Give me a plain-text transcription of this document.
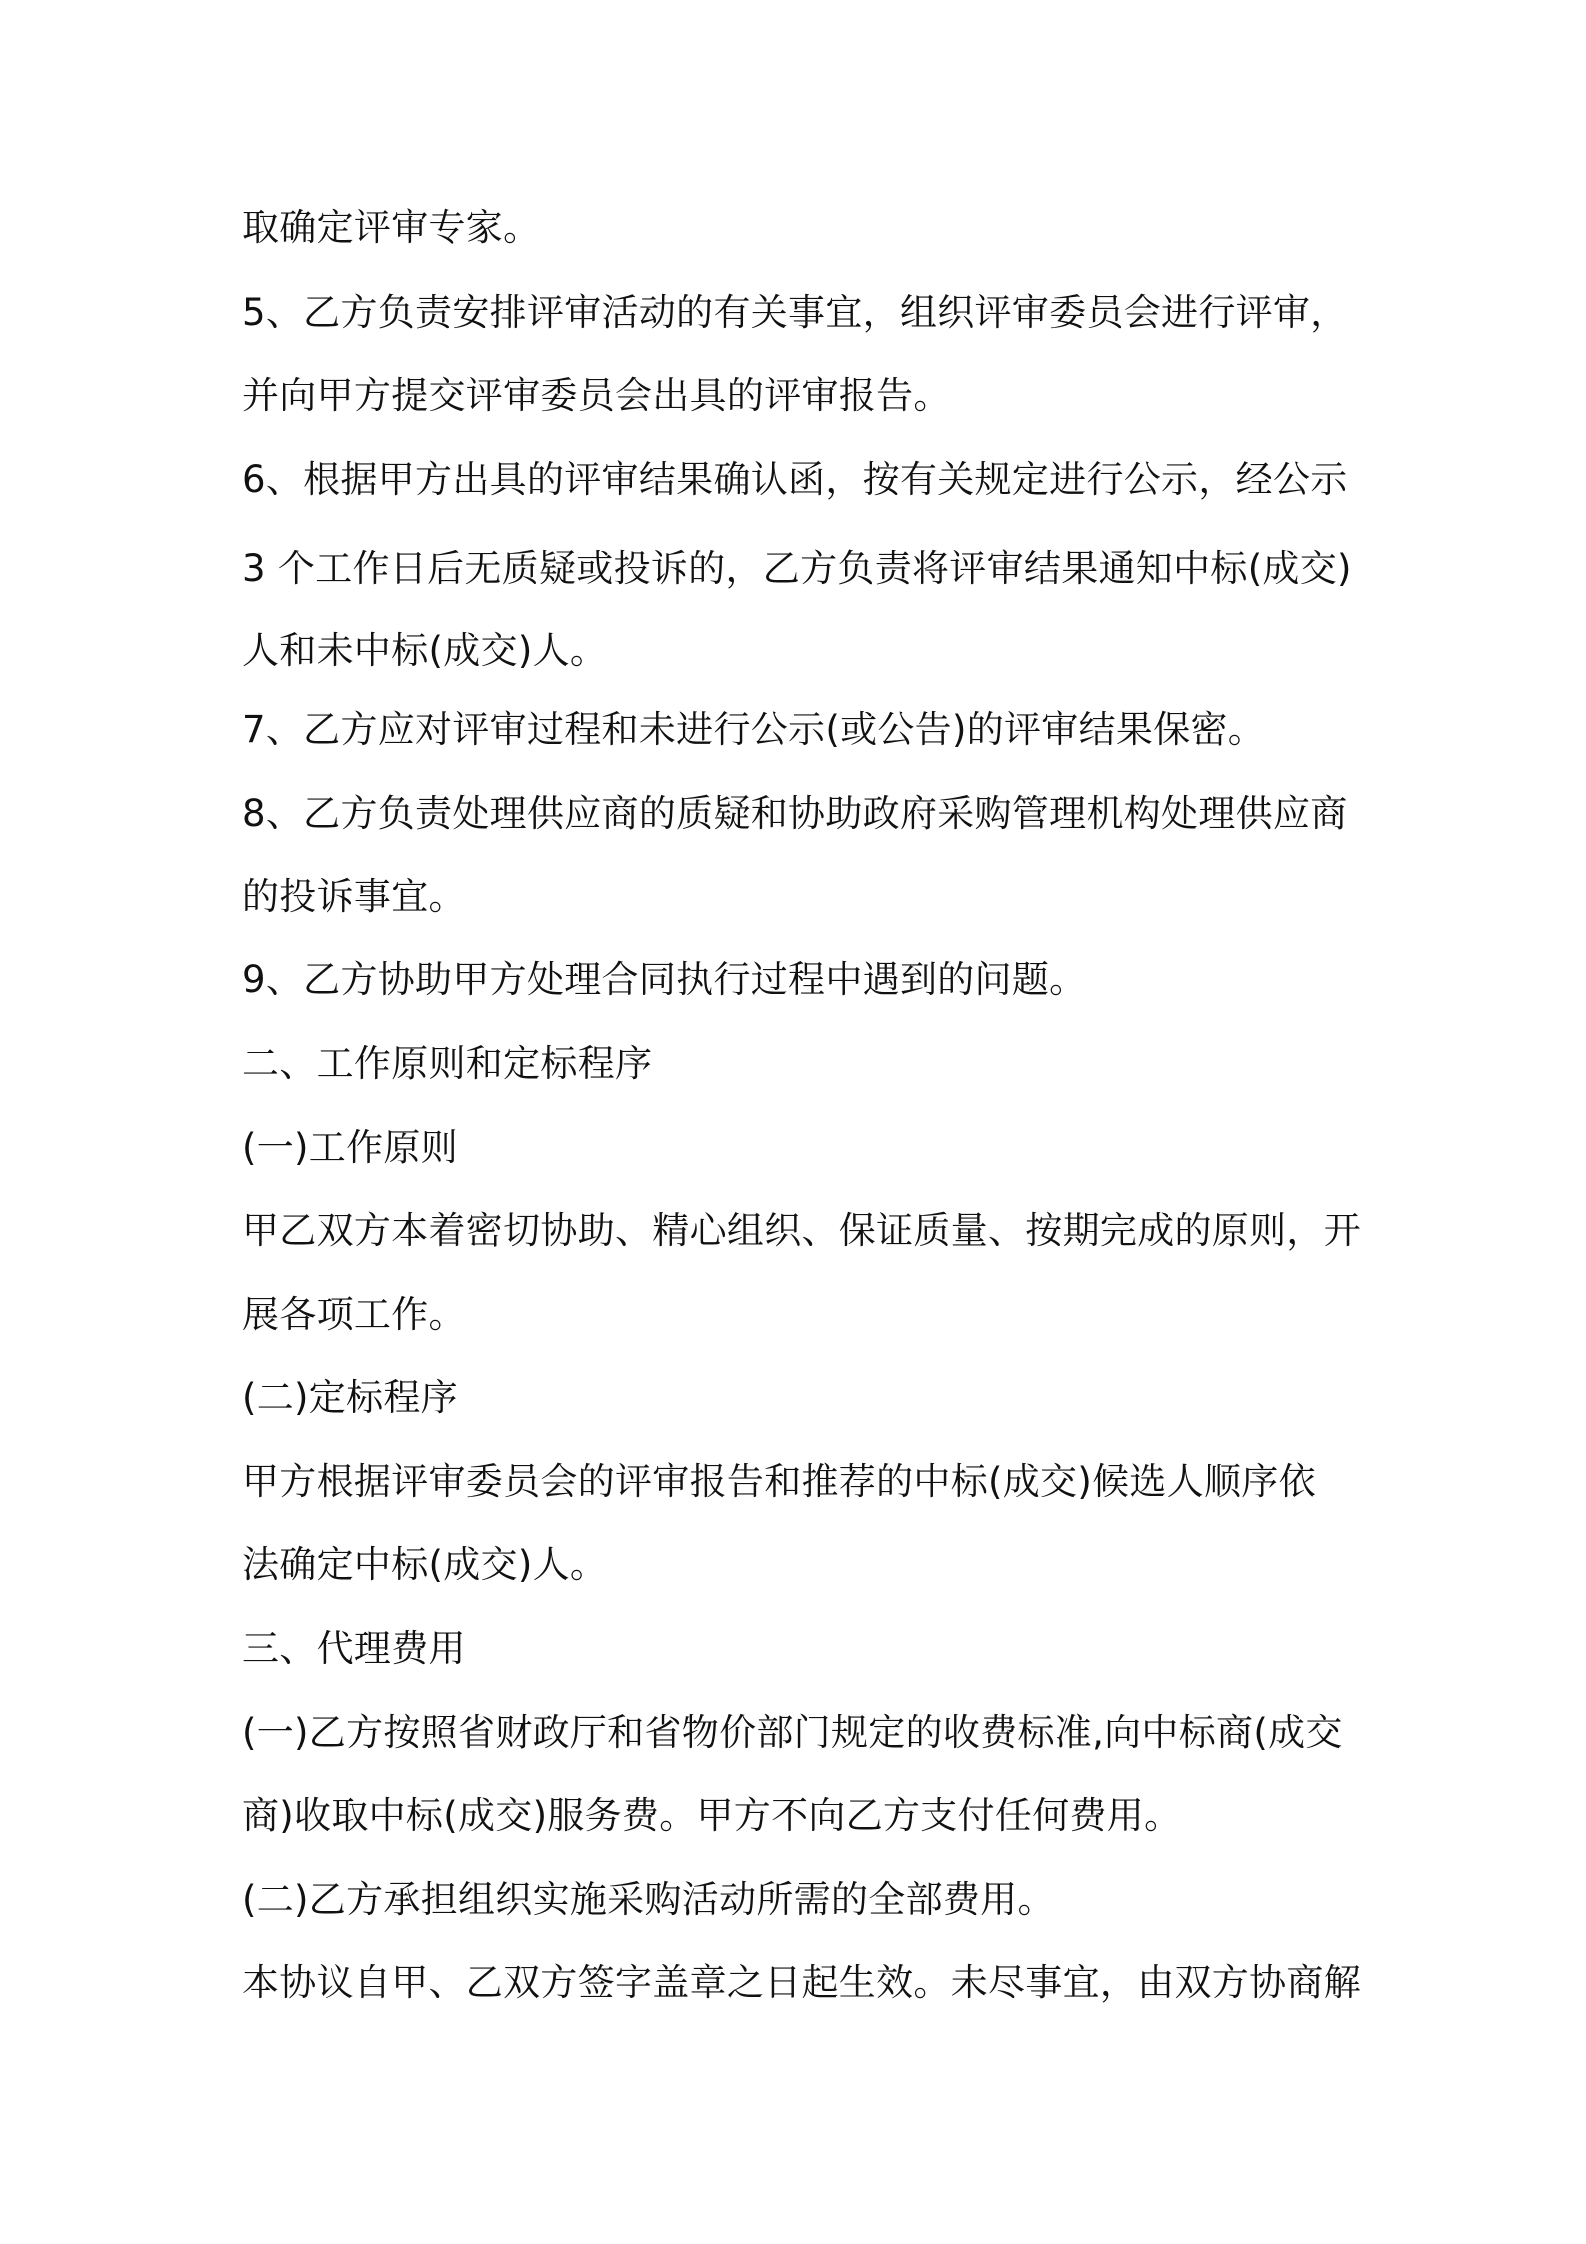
取确定评审专家。
5、乙方负责安排评审活动的有关事宜，组织评审委员会进行评审，
并向甲方提交评审委员会出具的评审报告。
6、根据甲方出具的评审结果确认函，按有关规定进行公示，经公示
3 个工作日后无质疑或投诉的，乙方负责将评审结果通知中标(成交)
人和未中标(成交)人。
7、乙方应对评审过程和未进行公示(或公告)的评审结果保密。
8、乙方负责处理供应商的质疑和协助政府采购管理机构处理供应商
的投诉事宜。
9、乙方协助甲方处理合同执行过程中遇到的问题。
二、工作原则和定标程序
(一)工作原则
甲乙双方本着密切协助、精心组织、保证质量、按期完成的原则，开
展各项工作。
(二)定标程序
甲方根据评审委员会的评审报告和推荐的中标(成交)候选人顺序依
法确定中标(成交)人。
三、代理费用
(一)乙方按照省财政厅和省物价部门规定的收费标准,向中标商(成交
商)收取中标(成交)服务费。甲方不向乙方支付任何费用。
(二)乙方承担组织实施采购活动所需的全部费用。
本协议自甲、乙双方签字盖章之日起生效。未尽事宜，由双方协商解
